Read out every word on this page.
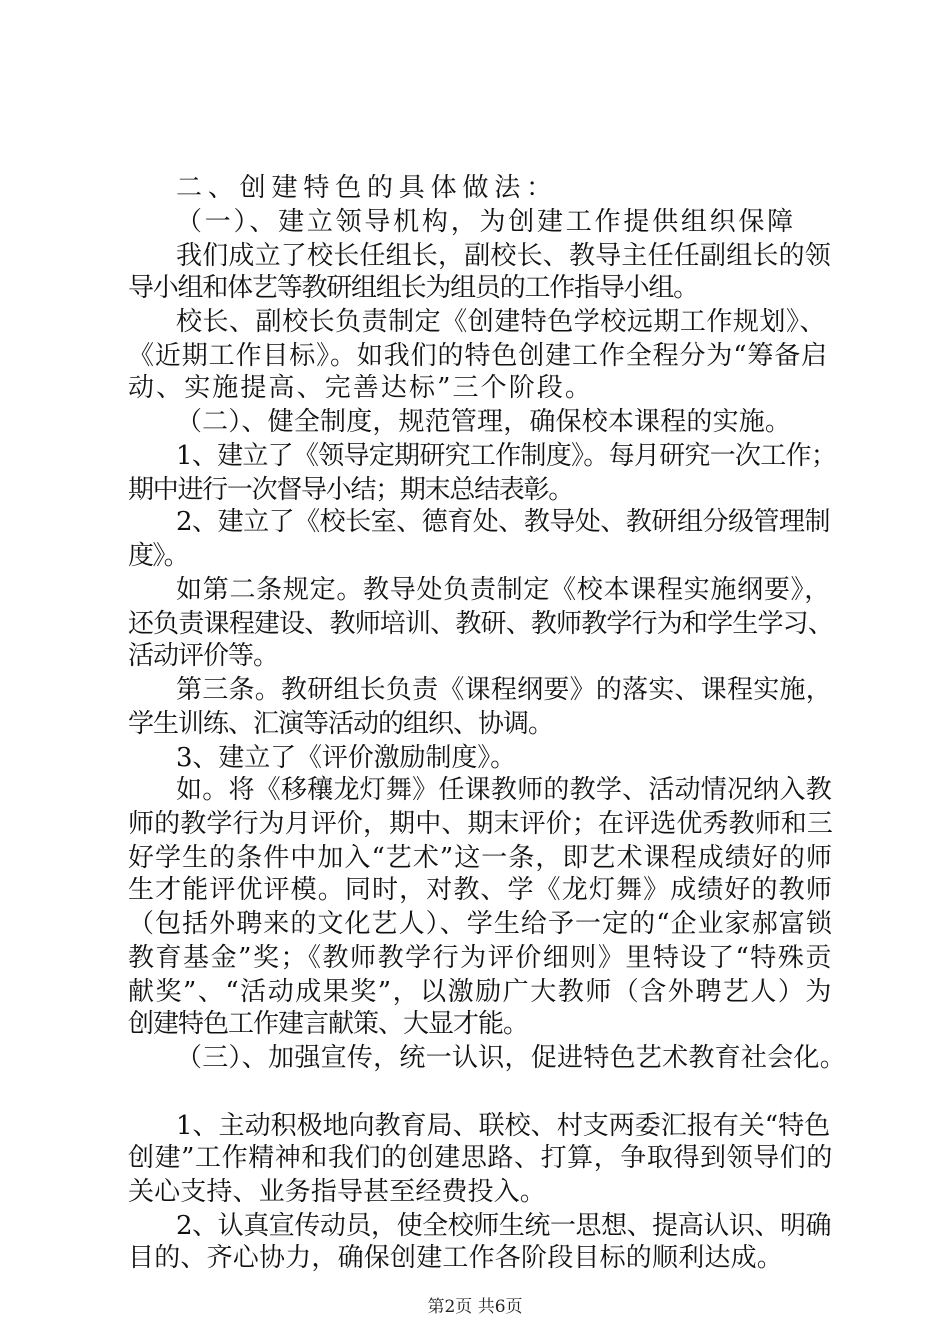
二、创建特色的具体做法：
（一）、建立领导机构，为创建工作提供组织保障
我们成立了校长任组长，副校长、教导主任任副组长的领
导小组和体艺等教研组组长为组员的工作指导小组。
校长、副校长负责制定《创建特色学校远期工作规划》、
《近期工作目标》。如我们的特色创建工作全程分为“筹备启
动、实施提高、完善达标”三个阶段。
（二）、健全制度，规范管理，确保校本课程的实施。
1、建立了《领导定期研究工作制度》。每月研究一次工作；
期中进行一次督导小结；期末总结表彰。
2、建立了《校长室、德育处、教导处、教研组分级管理制
度》。
如第二条规定。教导处负责制定《校本课程实施纲要》，
还负责课程建设、教师培训、教研、教师教学行为和学生学习、
活动评价等。
第三条。教研组长负责《课程纲要》的落实、课程实施，
学生训练、汇演等活动的组织、协调。
3、建立了《评价激励制度》。
如。将《移穰龙灯舞》任课教师的教学、活动情况纳入教
师的教学行为月评价，期中、期末评价；在评选优秀教师和三
好学生的条件中加入“艺术”这一条，即艺术课程成绩好的师
生才能评优评模。同时，对教、学《龙灯舞》成绩好的教师
（包括外聘来的文化艺人）、学生给予一定的“企业家郝富锁
教育基金”奖；《教师教学行为评价细则》里特设了“特殊贡
献奖”、“活动成果奖”，以激励广大教师（含外聘艺人）为
创建特色工作建言献策、大显才能。
（三）、加强宣传，统一认识，促进特色艺术教育社会化。
1、主动积极地向教育局、联校、村支两委汇报有关“特色
创建”工作精神和我们的创建思路、打算，争取得到领导们的
关心支持、业务指导甚至经费投入。
2、认真宣传动员，使全校师生统一思想、提高认识、明确
目的、齐心协力，确保创建工作各阶段目标的顺利达成。
第2页 共6页
